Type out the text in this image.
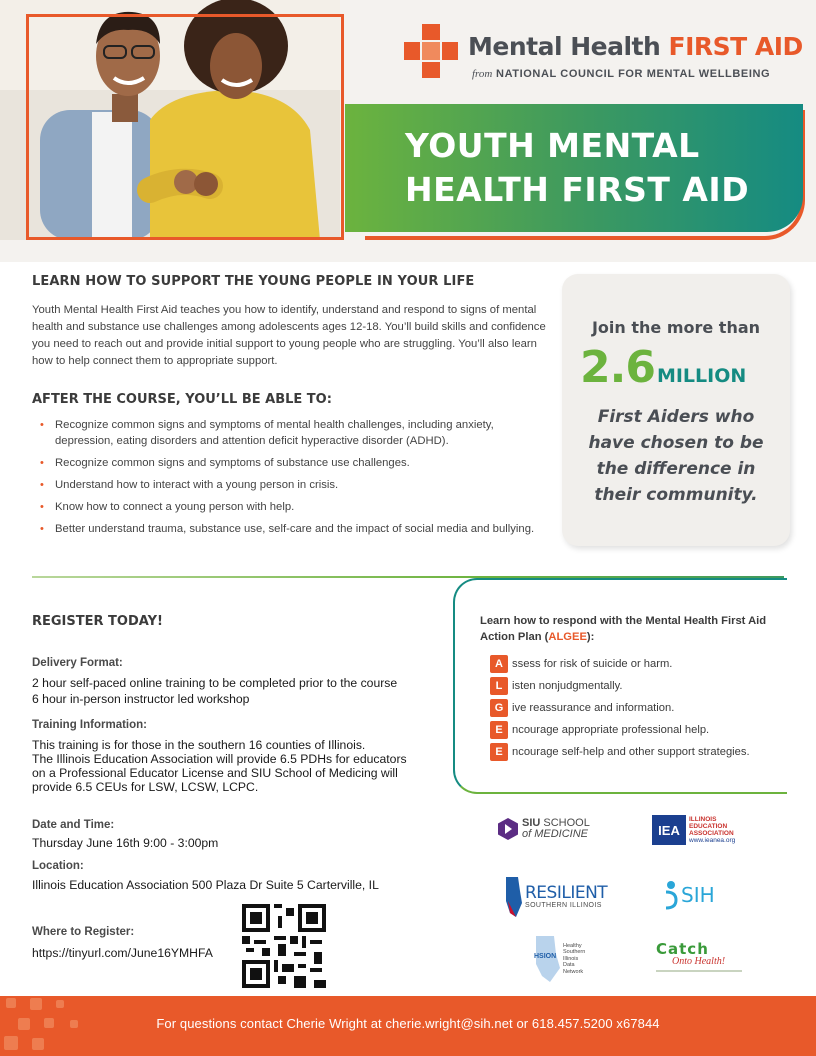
Mental Health FIRST AID
from NATIONAL COUNCIL FOR MENTAL WELLBEING
YOUTH MENTAL
HEALTH FIRST AID
LEARN HOW TO SUPPORT THE YOUNG PEOPLE IN YOUR LIFE

Youth Mental Health First Aid teaches you how to identify, understand and respond to signs of mental health and substance use challenges among adolescents ages 12-18. You’ll build skills and confidence you need to reach out and provide initial support to young people who are struggling. You’ll also learn how to help connect them to appropriate support.

AFTER THE COURSE, YOU’LL BE ABLE TO:
• Recognize common signs and symptoms of mental health challenges, including anxiety, depression, eating disorders and attention deficit hyperactive disorder (ADHD).
• Recognize common signs and symptoms of substance use challenges.
• Understand how to interact with a young person in crisis.
• Know how to connect a young person with help.
• Better understand trauma, substance use, self-care and the impact of social media and bullying.
Join the more than
2.6 MILLION
First Aiders who
have chosen to be
the difference in
their community.
REGISTER TODAY!
Delivery Format:
2 hour self-paced online training to be completed prior to the course
6 hour in-person instructor led workshop
Training Information:
This training is for those in the southern 16 counties of Illinois.
The Illinois Education Association will provide 6.5 PDHs for educators
on a Professional Educator License and SIU School of Medicing will
provide 6.5 CEUs for LSW, LCSW, LCPC.
Date and Time:
Thursday June 16th 9:00 - 3:00pm
Location:
Illinois Education Association 500 Plaza Dr Suite 5 Carterville, IL
Where to Register:
https://tinyurl.com/June16YMHFA
Learn how to respond with the Mental Health First Aid Action Plan (ALGEE):
A ssess for risk of suicide or harm.
L isten nonjudgmentally.
G ive reassurance and information.
E ncourage appropriate professional help.
E ncourage self-help and other support strategies.
SIU SCHOOL
of MEDICINE	IEA
ILLINOIS
EDUCATION
ASSOCIATION
www.ieanea.org
RESILIENT
SOUTHERN ILLINOIS	SIH
HSION
Healthy
Southern
Illinois
Data
Network
Catch
Onto Health!
For questions contact Cherie Wright at cherie.wright@sih.net or 618.457.5200 x67844
